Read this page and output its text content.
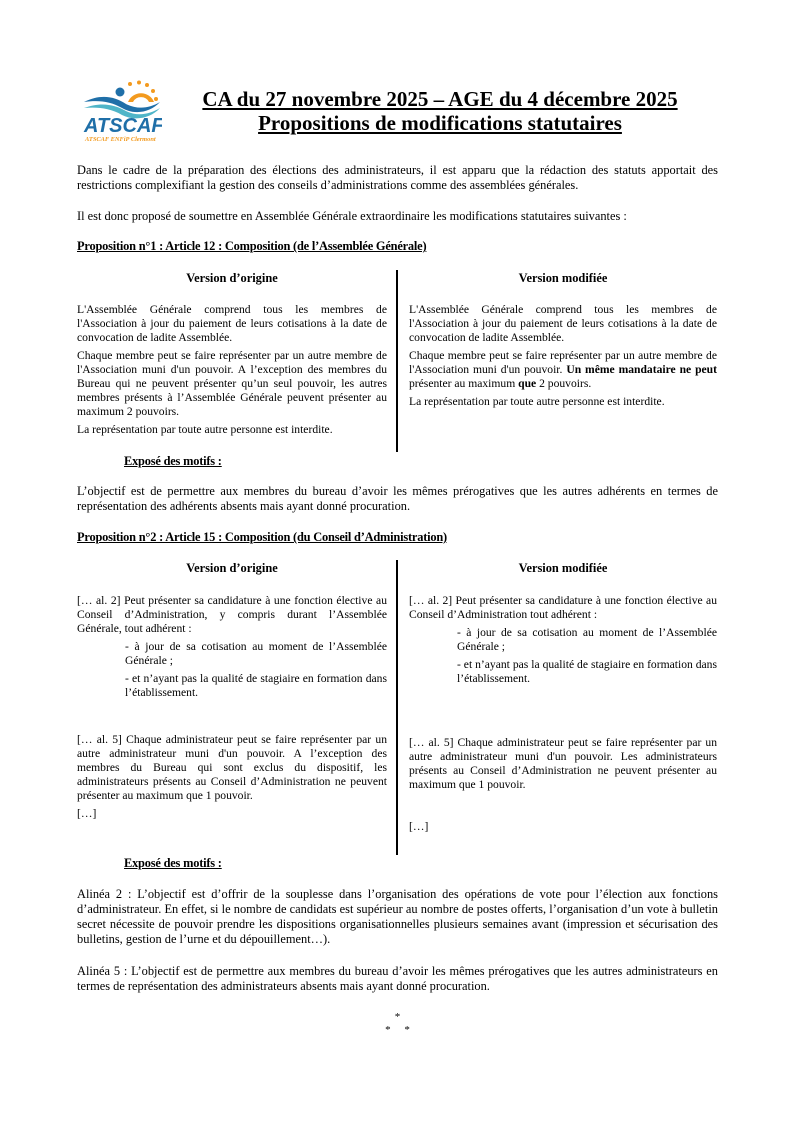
ATSCAF
ATSCAF ENFiP Clermont
CA du 27 novembre 2025 – AGE du 4 décembre 2025
Propositions de modifications statutaires
Dans le cadre de la préparation des élections des administrateurs, il est apparu que la rédaction des statuts apportait des restrictions complexifiant la gestion des conseils d’administrations comme des assemblées générales.
Il est donc proposé de soumettre en Assemblée Générale extraordinaire les modifications statutaires suivantes :
Proposition n°1 : Article 12 : Composition (de l’Assemblée Générale)
Version d’origine	Version modifiée

L'Assemblée Générale comprend tous les membres de l'Association à jour du paiement de leurs cotisations à la date de convocation de ladite Assemblée.

Chaque membre peut se faire représenter par un autre membre de l'Association muni d'un pouvoir. A l’exception des membres du Bureau qui ne peuvent présenter qu’un seul pouvoir, les autres membres présents à l’Assemblée Générale peuvent présenter au maximum 2 pouvoirs.

La représentation par toute autre personne est interdite.

L'Assemblée Générale comprend tous les membres de l'Association à jour du paiement de leurs cotisations à la date de convocation de ladite Assemblée.

Chaque membre peut se faire représenter par un autre membre de l'Association muni d'un pouvoir. Un même mandataire ne peut présenter au maximum que 2 pouvoirs.

La représentation par toute autre personne est interdite.

Exposé des motifs :
L’objectif est de permettre aux membres du bureau d’avoir les mêmes prérogatives que les autres adhérents en termes de représentation des adhérents absents mais ayant donné procuration.
Proposition n°2 : Article 15 : Composition (du Conseil d’Administration)
Version d’origine	Version modifiée

[… al. 2] Peut présenter sa candidature à une fonction élective au Conseil d’Administration, y compris durant l’Assemblée Générale, tout adhérent :

- à jour de sa cotisation au moment de l’Assemblée Générale ;

- et n’ayant pas la qualité de stagiaire en formation dans l’établissement.

[… al. 5] Chaque administrateur peut se faire représenter par un autre administrateur muni d'un pouvoir. A l’exception des membres du Bureau qui sont exclus du dispositif, les administrateurs présents au Conseil d’Administration ne peuvent présenter au maximum que 1 pouvoir.

[…]

[… al. 2] Peut présenter sa candidature à une fonction élective au Conseil d’Administration tout adhérent :

- à jour de sa cotisation au moment de l’Assemblée Générale ;

- et n’ayant pas la qualité de stagiaire en formation dans l’établissement.

[… al. 5] Chaque administrateur peut se faire représenter par un autre administrateur muni d'un pouvoir. Les administrateurs présents au Conseil d’Administration ne peuvent présenter au maximum que 1 pouvoir.

[…]
Exposé des motifs :
Alinéa 2 : L’objectif est d’offrir de la souplesse dans l’organisation des opérations de vote pour l’élection aux fonctions d’administrateur. En effet, si le nombre de candidats est supérieur au nombre de postes offerts, l’organisation d’un vote à bulletin secret nécessite de pouvoir prendre les dispositions organisationnelles plusieurs semaines avant (impression et sécurisation des bulletins, gestion de l’urne et du dépouillement…).
Alinéa 5 : L’objectif est de permettre aux membres du bureau d’avoir les mêmes prérogatives que les autres administrateurs en termes de représentation des administrateurs absents mais ayant donné procuration.
*
*     *
